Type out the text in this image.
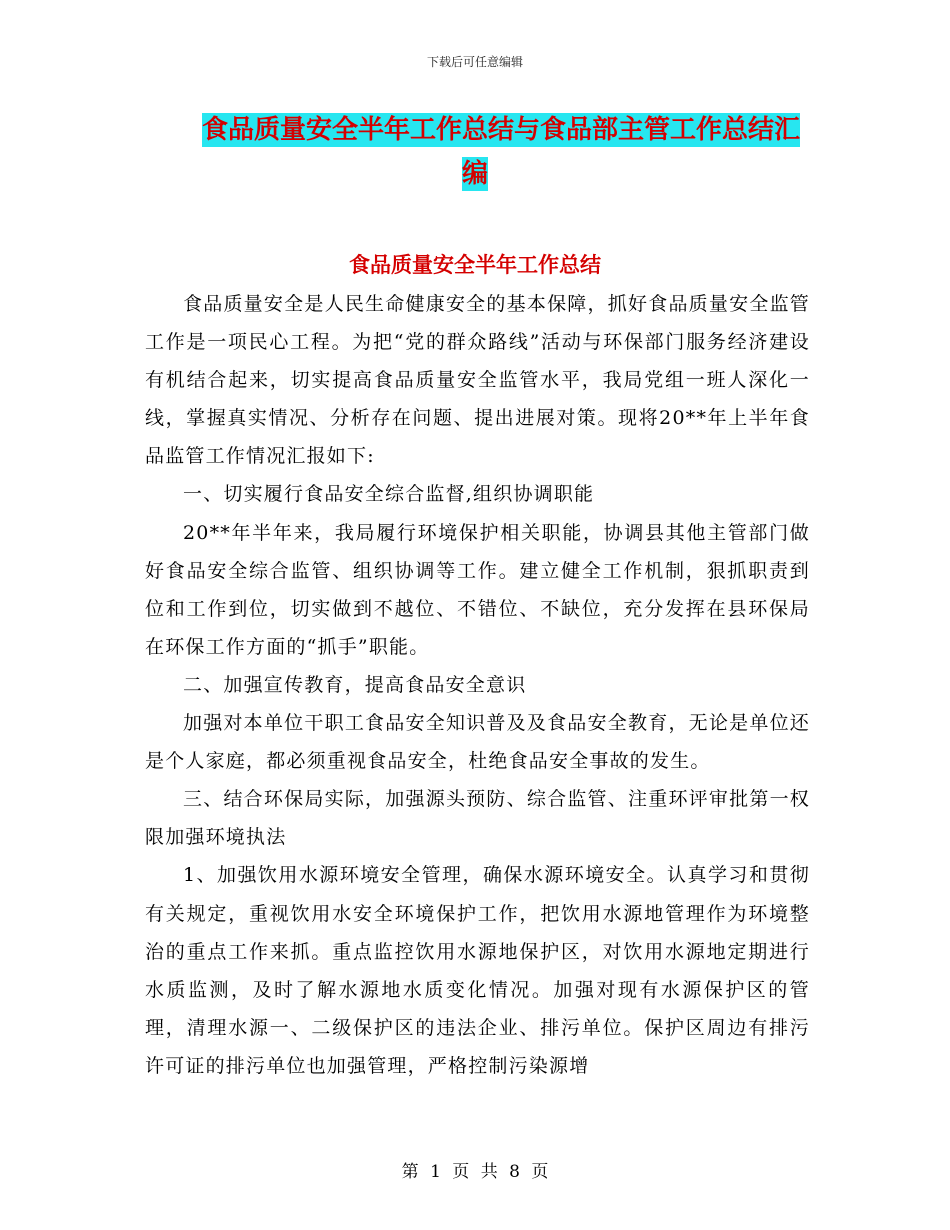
下载后可任意编辑
食品质量安全半年工作总结与食品部主管工作总结汇
编
食品质量安全半年工作总结

食品质量安全是人民生命健康安全的基本保障，抓好食品质量安全监管工作是一项民心工程。为把“党的群众路线”活动与环保部门服务经济建设有机结合起来，切实提高食品质量安全监管水平，我局党组一班人深化一线，掌握真实情况、分析存在问题、提出进展对策。现将20**年上半年食品监管工作情况汇报如下:

一、切实履行食品安全综合监督,组织协调职能

20**年半年来，我局履行环境保护相关职能，协调县其他主管部门做好食品安全综合监管、组织协调等工作。建立健全工作机制，狠抓职责到位和工作到位，切实做到不越位、不错位、不缺位，充分发挥在县环保局在环保工作方面的“抓手”职能。

二、加强宣传教育，提高食品安全意识

加强对本单位干职工食品安全知识普及及食品安全教育，无论是单位还是个人家庭，都必须重视食品安全，杜绝食品安全事故的发生。

三、结合环保局实际，加强源头预防、综合监管、注重环评审批第一权限加强环境执法

1、加强饮用水源环境安全管理，确保水源环境安全。认真学习和贯彻有关规定，重视饮用水安全环境保护工作，把饮用水源地管理作为环境整治的重点工作来抓。重点监控饮用水源地保护区，对饮用水源地定期进行水质监测，及时了解水源地水质变化情况。加强对现有水源保护区的管理，清理水源一、二级保护区的违法企业、排污单位。保护区周边有排污许可证的排污单位也加强管理，严格控制污染源增

第 1 页 共 8 页
